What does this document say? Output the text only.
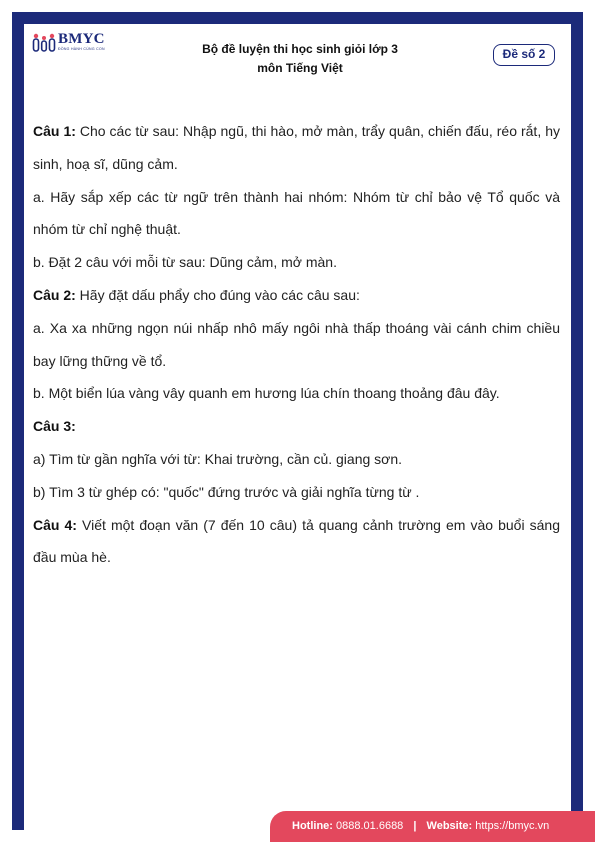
BMYC
ĐỒNG HÀNH CÙNG CON	Bộ đề luyện thi học sinh giỏi lớp 3
môn Tiếng Việt
Đề số 2

Câu 1: Cho các từ sau: Nhập ngũ, thi hào, mở màn, trẩy quân, chiến đấu, réo rắt, hy sinh, hoạ sĩ, dũng cảm.

a. Hãy sắp xếp các từ ngữ trên thành hai nhóm: Nhóm từ chỉ bảo vệ Tổ quốc và nhóm từ chỉ nghệ thuật.

b. Đặt 2 câu với mỗi từ sau: Dũng cảm, mở màn.

Câu 2: Hãy đặt dấu phẩy cho đúng vào các câu sau:

a. Xa xa những ngọn núi nhấp nhô mấy ngôi nhà thấp thoáng vài cánh chim chiều bay lững thững về tổ.

b. Một biển lúa vàng vây quanh em hương lúa chín thoang thoảng đâu đây.

Câu 3:

a) Tìm từ gần nghĩa với từ: Khai trường, cần củ. giang sơn.

b) Tìm 3 từ ghép có: "quốc" đứng trước và giải nghĩa từng từ .

Câu 4: Viết một đoạn văn (7 đến 10 câu) tả quang cảnh trường em vào buổi sáng đầu mùa hè.

Hotline: 0888.01.6688 | Website: https://bmyc.vn
